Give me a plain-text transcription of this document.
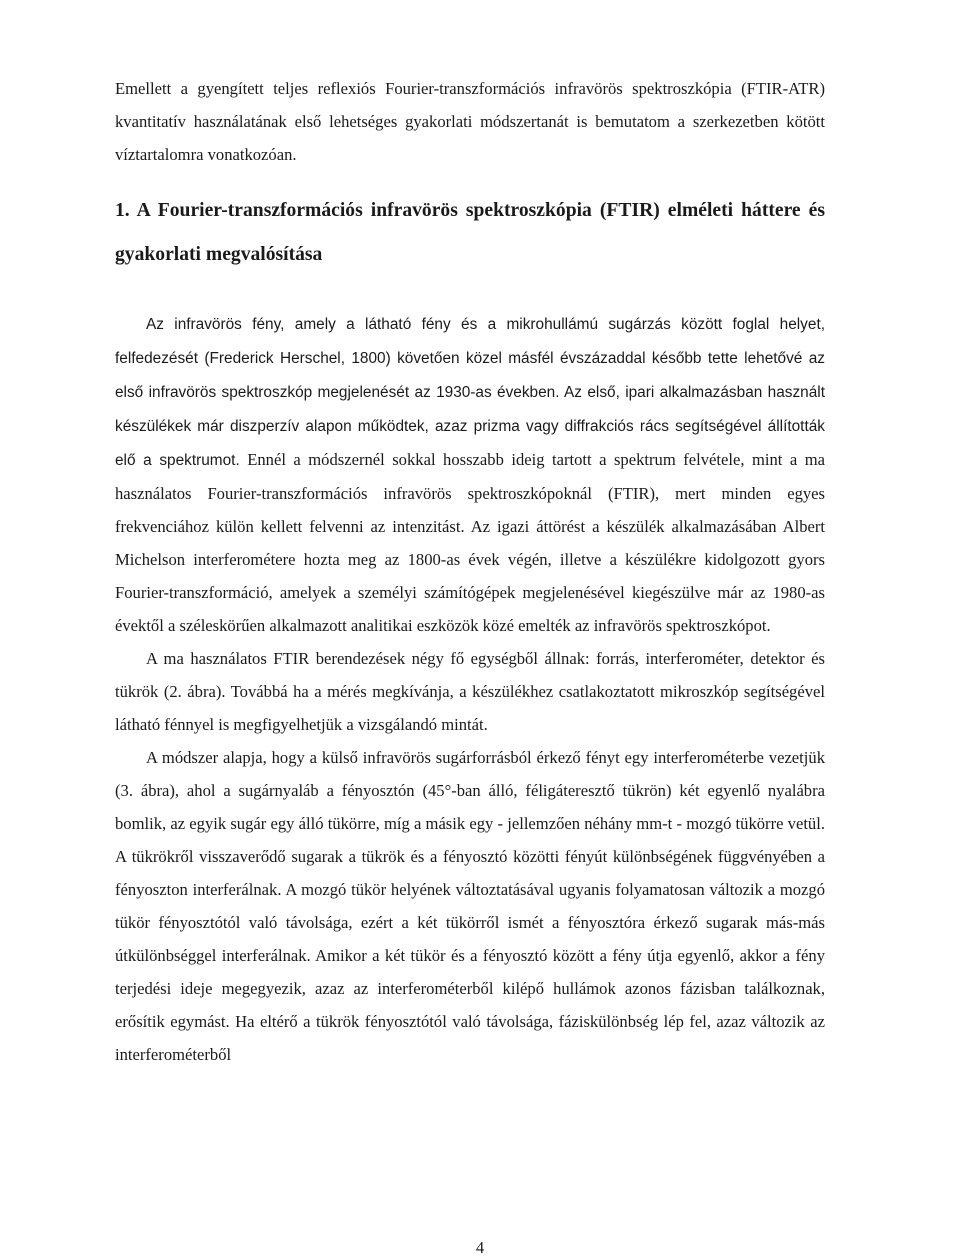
Emellett a gyengített teljes reflexiós Fourier-transzformációs infravörös spektroszkópia (FTIR-ATR) kvantitatív használatának első lehetséges gyakorlati módszertanát is bemutatom a szerkezetben kötött víztartalomra vonatkozóan.

1. A Fourier-transzformációs infravörös spektroszkópia (FTIR) elméleti háttere és gyakorlati megvalósítása

Az infravörös fény, amely a látható fény és a mikrohullámú sugárzás között foglal helyet, felfedezését (Frederick Herschel, 1800) követően közel másfél évszázaddal később tette lehetővé az első infravörös spektroszkóp megjelenését az 1930-as években. Az első, ipari alkalmazásban használt készülékek már diszperzív alapon működtek, azaz prizma vagy diffrakciós rács segítségével állították elő a spektrumot. Ennél a módszernél sokkal hosszabb ideig tartott a spektrum felvétele, mint a ma használatos Fourier-transzformációs infravörös spektroszkópoknál (FTIR), mert minden egyes frekvenciához külön kellett felvenni az intenzitást. Az igazi áttörést a készülék alkalmazásában Albert Michelson interferométere hozta meg az 1800-as évek végén, illetve a készülékre kidolgozott gyors Fourier-transzformáció, amelyek a személyi számítógépek megjelenésével kiegészülve már az 1980-as évektől a széleskörűen alkalmazott analitikai eszközök közé emelték az infravörös spektroszkópot.

A ma használatos FTIR berendezések négy fő egységből állnak: forrás, interferométer, detektor és tükrök (2. ábra). Továbbá ha a mérés megkívánja, a készülékhez csatlakoztatott mikroszkóp segítségével látható fénnyel is megfigyelhetjük a vizsgálandó mintát.

A módszer alapja, hogy a külső infravörös sugárforrásból érkező fényt egy interferométerbe vezetjük (3. ábra), ahol a sugárnyaláb a fényosztón (45°-ban álló, féligáteresztő tükrön) két egyenlő nyalábra bomlik, az egyik sugár egy álló tükörre, míg a másik egy - jellemzően néhány mm-t - mozgó tükörre vetül. A tükrökről visszaverődő sugarak a tükrök és a fényosztó közötti fényút különbségének függvényében a fényoszton interferálnak. A mozgó tükör helyének változtatásával ugyanis folyamatosan változik a mozgó tükör fényosztótól való távolsága, ezért a két tükörről ismét a fényosztóra érkező sugarak más-más útkülönbséggel interferálnak. Amikor a két tükör és a fényosztó között a fény útja egyenlő, akkor a fény terjedési ideje megegyezik, azaz az interferométerből kilépő hullámok azonos fázisban találkoznak, erősítik egymást. Ha eltérő a tükrök fényosztótól való távolsága, fáziskülönbség lép fel, azaz változik az interferométerből

4
